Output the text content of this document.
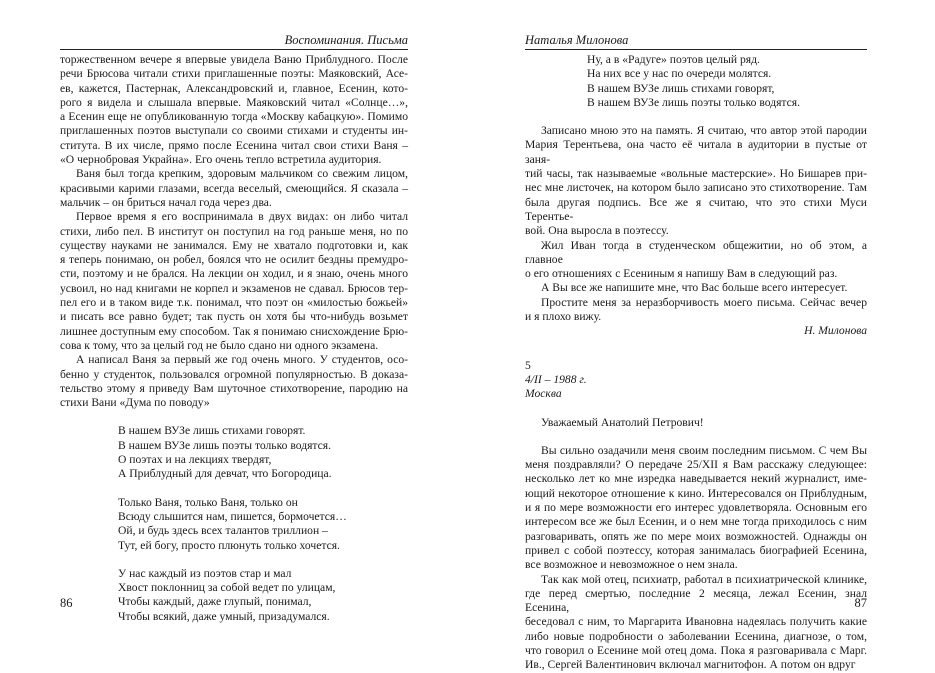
Воспоминания. Письма
торжественном вечере я впервые увидела Ваню Приблудного. После
речи Брюсова читали стихи приглашенные поэты: Маяковский, Асе-
ев, кажется, Пастернак, Александровский и, главное, Есенин, кото-
рого я видела и слышала впервые. Маяковский читал «Солнце…»,
а Есенин еще не опубликованную тогда «Москву кабацкую». Помимо
приглашенных поэтов выступали со своими стихами и студенты ин-
ститута. В их числе, прямо после Есенина читал свои стихи Ваня –
«О чернобровая Украйна». Его очень тепло встретила аудитория.
Ваня был тогда крепким, здоровым мальчиком со свежим лицом,
красивыми карими глазами, всегда веселый, смеющийся. Я сказала –
мальчик – он бриться начал года через два.
Первое время я его воспринимала в двух видах: он либо читал
стихи, либо пел. В институт он поступил на год раньше меня, но по
существу науками не занимался. Ему не хватало подготовки и, как
я теперь понимаю, он робел, боялся что не осилит бездны премудро-
сти, поэтому и не брался. На лекции он ходил, и я знаю, очень много
усвоил, но над книгами не корпел и экзаменов не сдавал. Брюсов тер-
пел его и в таком виде т.к. понимал, что поэт он «милостью божьей»
и писать все равно будет; так пусть он хотя бы что-нибудь возьмет
лишнее доступным ему способом. Так я понимаю снисхождение Брю-
сова к тому, что за целый год не было сдано ни одного экзамена.
А написал Ваня за первый же год очень много. У студентов, осо-
бенно у студенток, пользовался огромной популярностью. В доказа-
тельство этому я приведу Вам шуточное стихотворение, пародию на
стихи Вани «Дума по поводу»
В нашем ВУЗе лишь стихами говорят.
В нашем ВУЗе лишь поэты только водятся.
О поэтах и на лекциях твердят,
А Приблудный для девчат, что Богородица.
Только Ваня, только Ваня, только он
Всюду слышится нам, пишется, бормочется…
Ой, и будь здесь всех талантов триллион –
Тут, ей богу, просто плюнуть только хочется.
У нас каждый из поэтов стар и мал
Хвост поклонниц за собой ведет по улицам,
Чтобы каждый, даже глупый, понимал,
Чтобы всякий, даже умный, призадумался.
86
Наталья Милонова
Ну, а в «Радуге» поэтов целый ряд.
На них все у нас по очереди молятся.
В нашем ВУЗе лишь стихами говорят,
В нашем ВУЗе лишь поэты только водятся.
Записано мною это на память. Я считаю, что автор этой пародии
Мария Терентьева, она часто её читала в аудитории в пустые от заня-
тий часы, так называемые «вольные мастерские». Но Бишарев при-
нес мне листочек, на котором было записано это стихотворение. Там
была другая подпись. Все же я считаю, что это стихи Муси Терентье-
вой. Она выросла в поэтессу.
Жил Иван тогда в студенческом общежитии, но об этом, а главное
о его отношениях с Есениным я напишу Вам в следующий раз.
А Вы все же напишите мне, что Вас больше всего интересует.
Простите меня за неразборчивость моего письма. Сейчас вечер
и я плохо вижу.
Н. Милонова
5
4/II – 1988 г.
Москва
Уважаемый Анатолий Петрович!
Вы сильно озадачили меня своим последним письмом. С чем Вы
меня поздравляли? О передаче 25/XII я Вам расскажу следующее:
несколько лет ко мне изредка наведывается некий журналист, име-
ющий некоторое отношение к кино. Интересовался он Приблудным,
и я по мере возможности его интерес удовлетворяла. Основным его
интересом все же был Есенин, и о нем мне тогда приходилось с ним
разговаривать, опять же по мере моих возможностей. Однажды он
привел с собой поэтессу, которая занималась биографией Есенина,
все возможное и невозможное о нем знала.
Так как мой отец, психиатр, работал в психиатрической клинике,
где перед смертью, последние 2 месяца, лежал Есенин, знал Есенина,
беседовал с ним, то Маргарита Ивановна надеялась получить какие
либо новые подробности о заболевании Есенина, диагнозе, о том,
что говорил о Есенине мой отец дома. Пока я разговаривала с Марг.
Ив., Сергей Валентинович включал магнитофон. А потом он вдруг
87
